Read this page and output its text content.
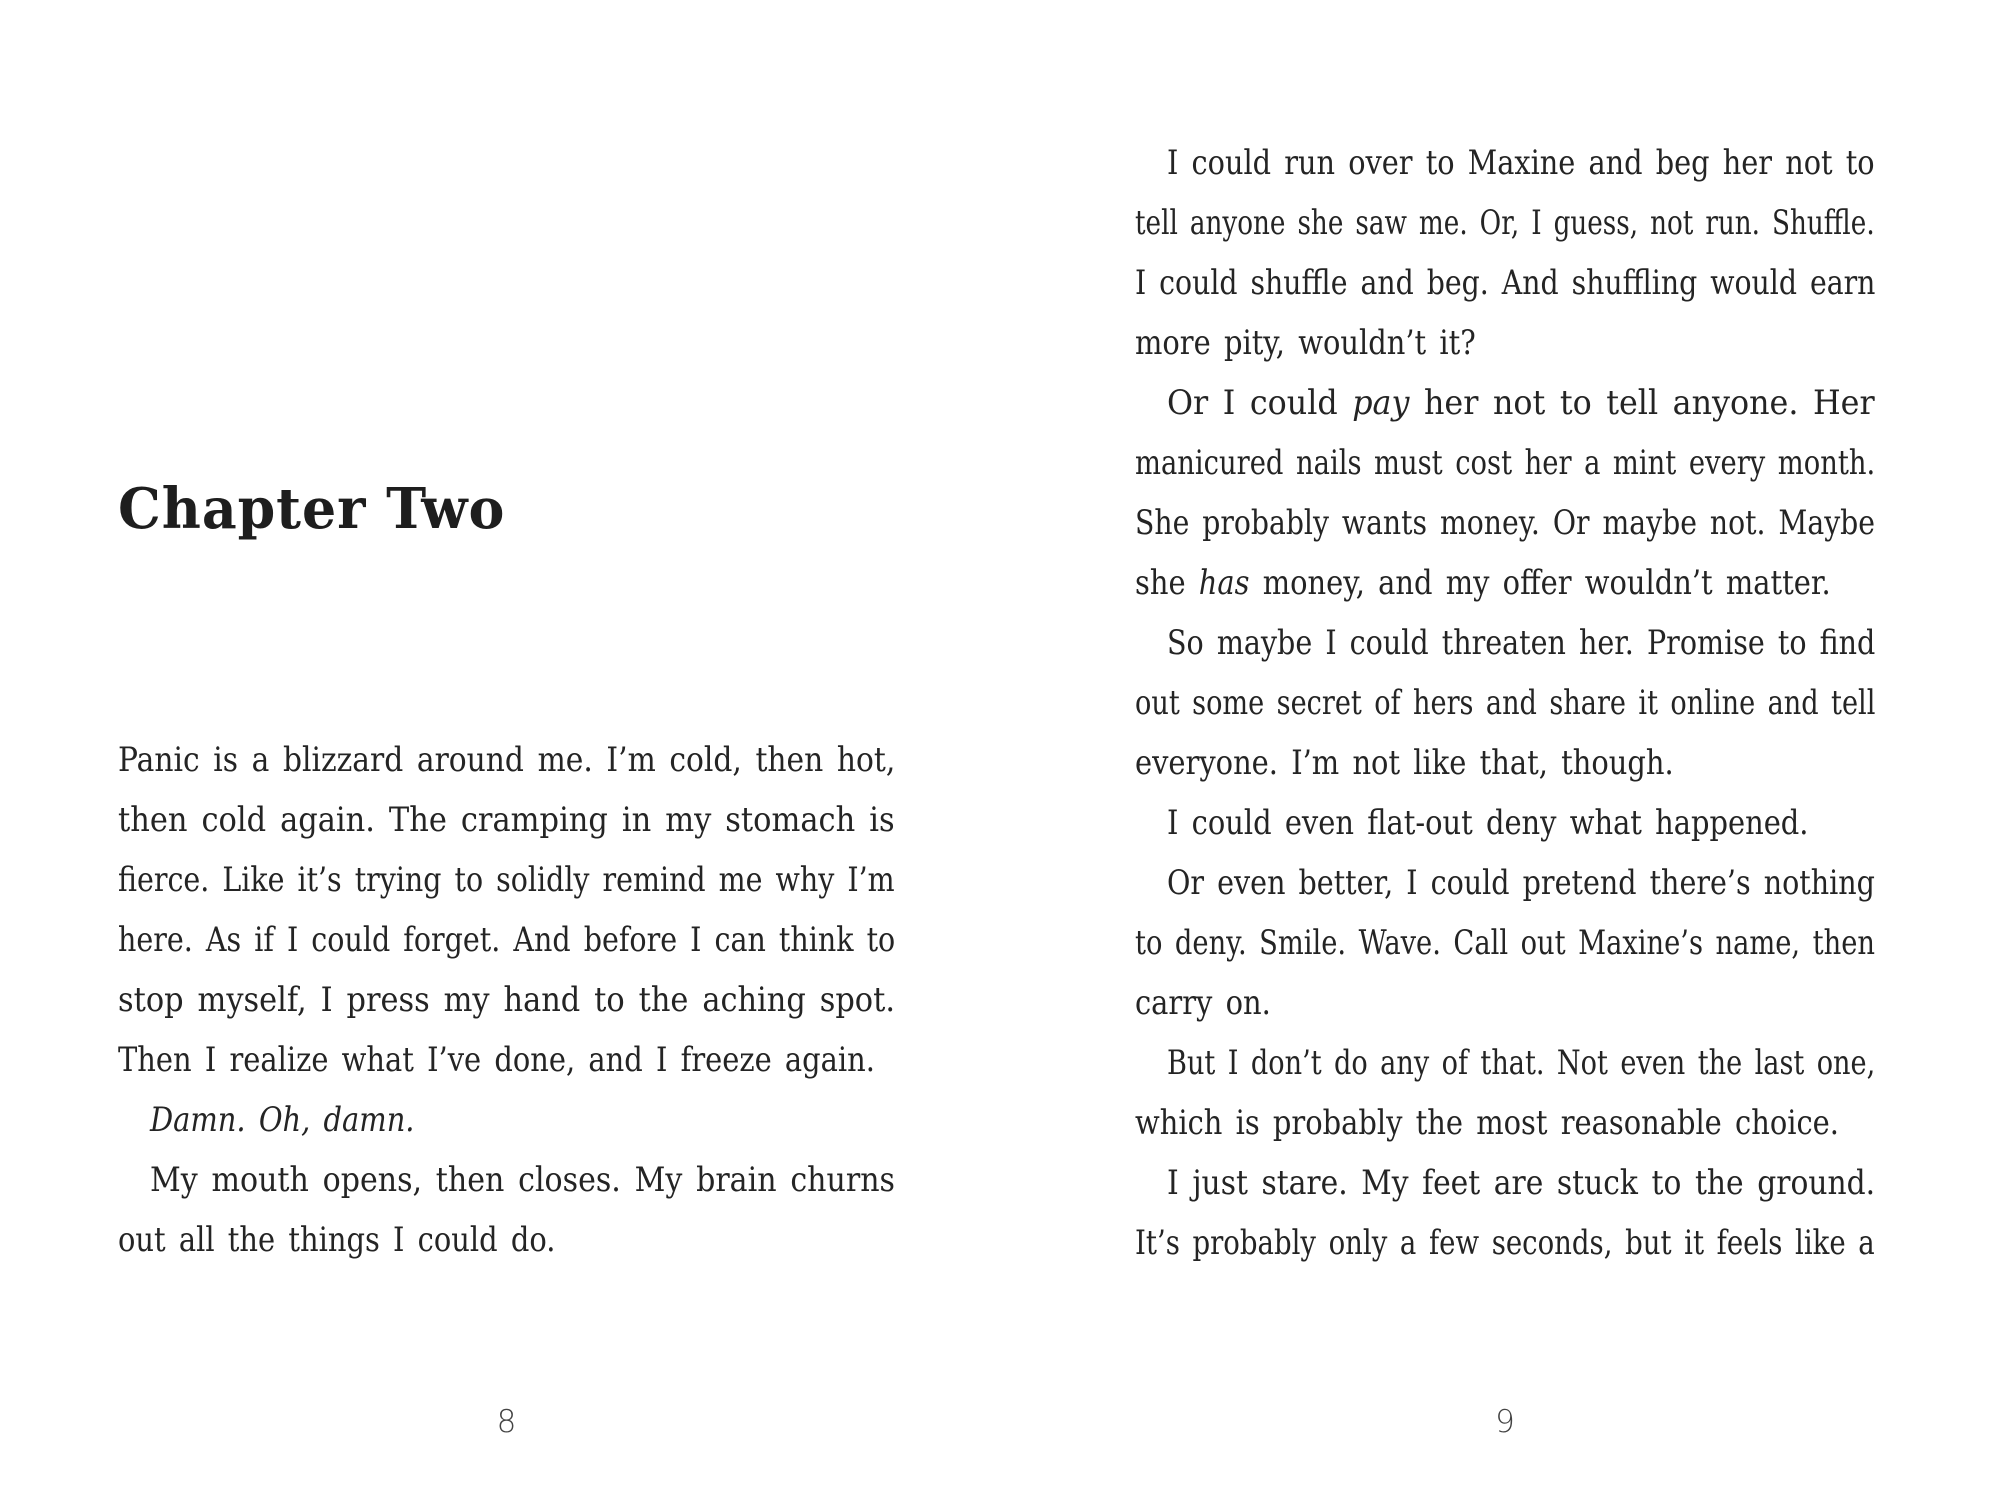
Chapter Two
Panic is a blizzard around me. I’m cold, then hot,
then cold again. The cramping in my stomach is
fierce. Like it’s trying to solidly remind me why I’m
here. As if I could forget. And before I can think to
stop myself, I press my hand to the aching spot.
Then I realize what I’ve done, and I freeze again.
Damn. Oh, damn.
My mouth opens, then closes. My brain churns
out all the things I could do.
8
I could run over to Maxine and beg her not to
tell anyone she saw me. Or, I guess, not run. Shuffle.
I could shuffle and beg. And shuffling would earn
more pity, wouldn’t it?
Or I could pay her not to tell anyone. Her
manicured nails must cost her a mint every month.
She probably wants money. Or maybe not. Maybe
she has money, and my offer wouldn’t matter.
So maybe I could threaten her. Promise to find
out some secret of hers and share it online and tell
everyone. I’m not like that, though.
I could even flat-out deny what happened.
Or even better, I could pretend there’s nothing
to deny. Smile. Wave. Call out Maxine’s name, then
carry on.
But I don’t do any of that. Not even the last one,
which is probably the most reasonable choice.
I just stare. My feet are stuck to the ground.
It’s probably only a few seconds, but it feels like a
9
